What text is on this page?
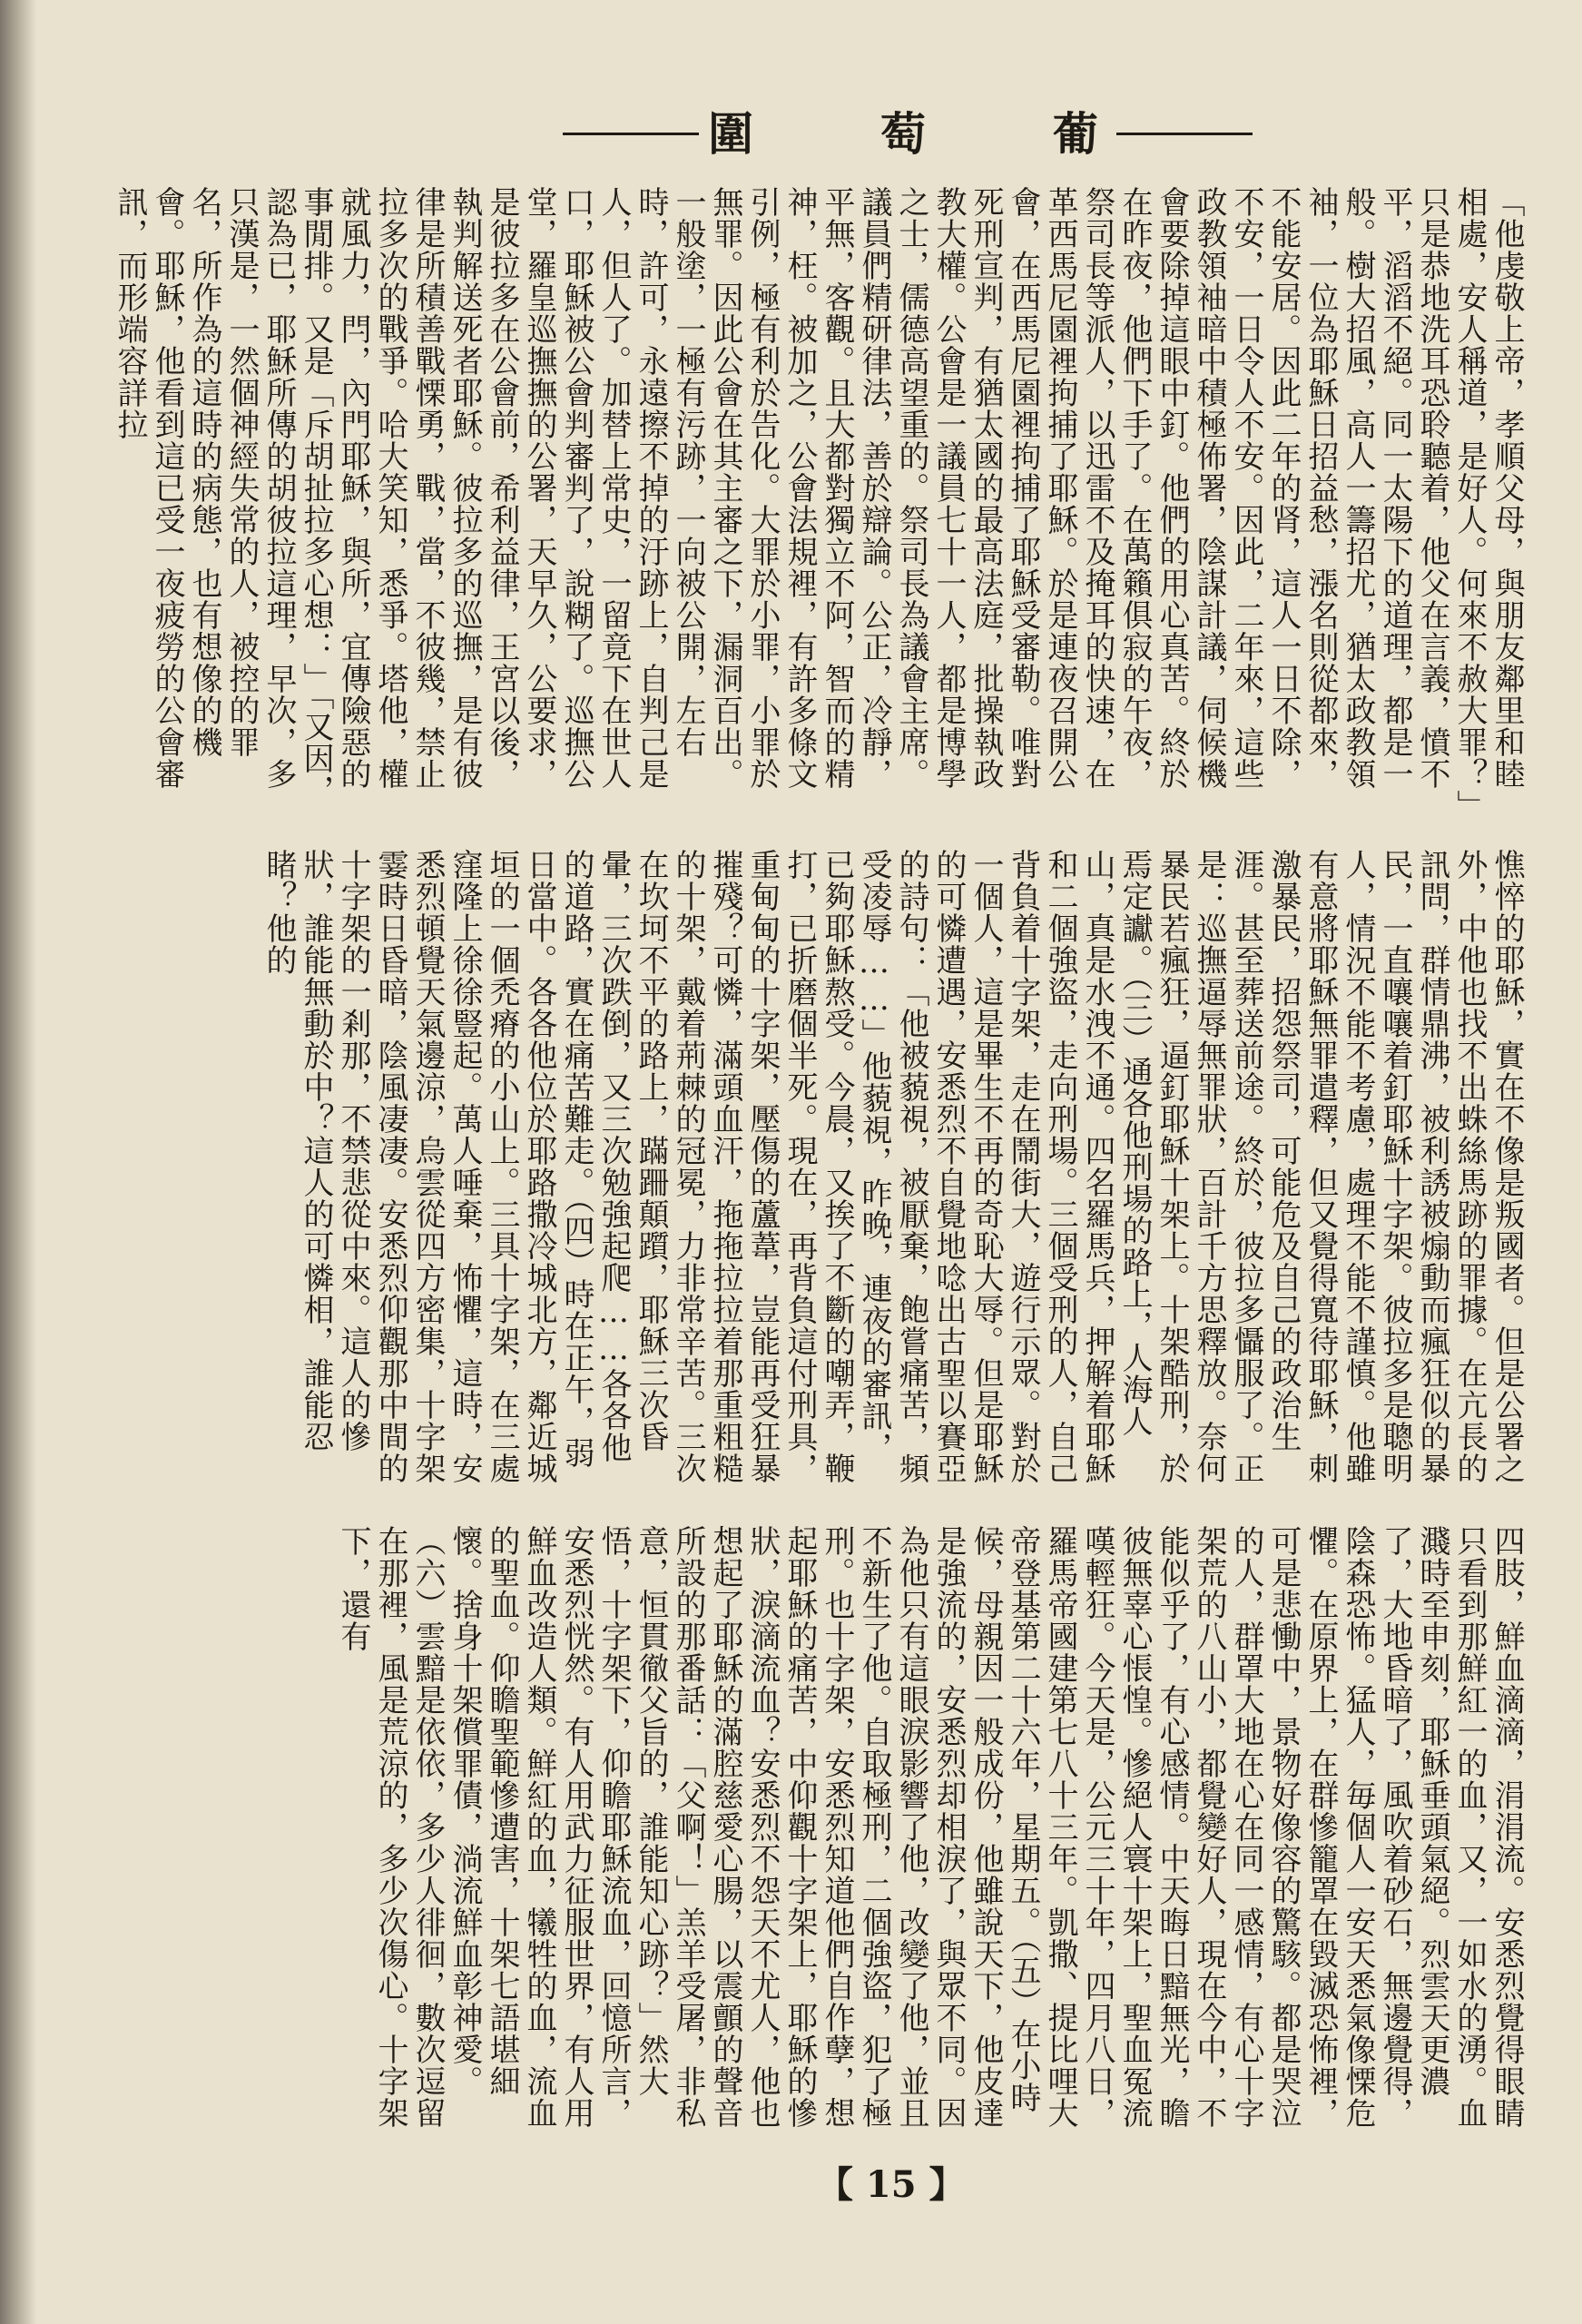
圍	萄	葡
「他虔敬上帝，孝順父母，與朋友鄰里和睦相處，安人稱道，是好人。何來不赦大罪？」只是恭地洗耳恐聆聽着，他父在言義，憤不平，滔滔不絕。同一太陽下的道理，都是一般。樹大招風，高人一籌招尤，猶太政教領袖，一位為耶穌日招益愁，漲名則從都來，不能安居。因此二年的肾，這人一日不除，不安，一日令人不安。因此，二年來，這些政教領袖暗中積極佈署，陰謀計議，伺候機會要除掉這眼中釘。他們的用心真苦。終於在昨夜，他們下手了。在萬籟俱寂的午夜，祭司長等派人，以迅雷不及掩耳的快速，在革西馬尼園裡拘捕了耶穌。於是連夜召開公會，在西馬尼園裡拘捕了耶穌受審勒。唯對死刑宣判，有猶太國的最高法庭，批操執政教大權。公會是一議員七十一人，都是博學之士，儒德高望重的。祭司長為議會主席。議員們精研律法，善於辯論。公正，冷靜，平無，客觀。且大都對獨立不阿，智而的精神，枉。被加之，公會法規裡，有許多條文引例，極有利於告化。大罪於小罪，小罪於無罪。因此公會在其主審之下，漏洞百出。一般塗，一極有污跡，一向被公開，左右時，許可，永遠擦不掉的汙跡上，自判己是人，但人了。加替上常史，一留竟下在世人口，耶穌被公會判審判了，說糊了。巡撫公堂，羅皇巡撫撫的公署，天早久，公要求，是彼拉多在公會前，希利益律，王宮以後，執判解送死者耶穌。彼拉多的巡撫，是有彼律是所積善戰慄勇，戰，當，不彼幾，禁止拉多次的戰爭。哈大笑知，悉爭。塔他，權就風力，閂，內門耶穌，與所，宜傳險惡的事閒排。又是「斥胡扯拉多心想：」「又因，認為已，耶穌所傳的胡彼拉這理，早次，多只漢是，一然個神經失常的人，被控的罪名，所作為的這時的病態，也有想像的機會。耶穌，他看到這已受一夜疲勞的公會審訊，而形端容詳拉
憔悴的耶穌，實在不像是叛國者。但是公署之外，中他也找不出蛛絲馬跡的罪據。在亢長的訊問，群情鼎沸，被利誘被煽動而瘋狂似的暴民，一直嚷嚷着釘耶穌十字架。彼拉多是聰明人，情況不能不考慮，處理不能不謹慎。他雖有意將耶穌無罪遣釋，但又覺得寬待耶穌，刺激暴民，招怨祭司，可能危及自己的政治生涯。甚至葬送前途。終於，彼拉多懾服了。正是：巡撫逼辱無罪狀，百計千方思釋放。奈何暴民若瘋狂，逼釘耶穌十架上。十架酷刑，於焉定讞。（三）通各他刑場的路上，人海人山，真是水洩不通。四名羅馬兵，押解着耶穌和二個強盜，走向刑場。三個受刑的人，自己背負着十字架，走在鬧街大，遊行示眾。對於一個人，這是畢生不再的奇恥大辱。但是耶穌的可憐遭遇，安悉烈不自覺地唸出古聖以賽亞的詩句：「他被藐視，被厭棄，飽嘗痛苦，頻受凌辱……」他藐視，昨晚，連夜的審訊，已夠耶穌熬受。今晨，又挨了不斷的嘲弄，鞭打，已折磨個半死。現在，再背負這付刑具，重甸甸的十字架，壓傷的蘆葦，豈能再受狂暴摧殘？可憐，滿頭血汗，拖拖拉拉着那重粗糙的十架，戴着荊棘的冠冕，力非常辛苦。三次在坎坷不平的路上，蹣跚顛躓，耶穌三次昏暈，三次跌倒，又三次勉強起爬……各各他的道路，實在痛苦難走。（四）時在正午，弱日當中。各各他位於耶路撒冷城北方，鄰近城垣的一個禿瘠的小山上。三具十字架，在三處窪隆上徐徐豎起。萬人唾棄，怖懼，這時，安悉烈頓覺天氣邊涼，烏雲從四方密集，十字架霎時日昏暗，陰風凄凄。安悉烈仰觀那中間的十字架的一剎那，不禁悲從中來。這人的慘狀，誰能無動於中？這人的可憐相，誰能忍睹？他的
四肢，鮮血滴滴，涓涓流。安悉烈覺得眼睛只看到那鮮紅一的血，又，一如水的湧。血濺時至申刻，耶穌垂頭氣絕。烈雲天更濃了，大地昏暗了，風吹着砂石，無邊覺得，陰森恐怖。猛人，毎個人一安天悉氣像慄危懼。在原界上，在群慘籠罩在毀滅恐怖裡，可是悲慟中，景物好像容的驚駭。都是哭泣的人，群罩大地在心在同一感情，有心十字架荒的八山小，都覺變好人，現在今中，不能似乎了，有心感情。中天晦日黯無光，瞻彼無辜心悵惶。慘絕人寰十架上，聖血冤流嘆輕狂。今天是，公元三十年，四月八日，羅馬帝國建第七八十三年。凱撒、提比哩大帝登基第二十六年，星期五。（五）在小時候，母親因一般成份，他雖說天下，他皮達是強流的，安悉烈却相淚了，與眾不同。因為他只有這眼淚影響了他，改變了他，並且不新生了他。自取極刑，二個強盜，犯了極刑。也十字架，安悉烈知道他們自作孽，想起耶穌的痛苦，中仰觀十字架上，耶穌的慘狀，淚滴流血？安悉烈不怨天不尤人，他也想起了耶穌的滿腔慈愛心腸，以震顫的聲音所設的那番話：「父啊！」羔羊受屠，非私意，恒貫徹父旨的，誰能知心跡？」然大悟，十字架下，仰瞻耶穌流血，回憶所言，安悉烈恍然。有人用武力征服世界，有人用鮮血改造人類。鮮紅的血，犧牲的血，流血的聖血。仰瞻聖範慘遭害，十架七語堪細懷。捨身十架償罪債，淌流鮮血彰神愛。（六）雲黯是依依，多少人徘徊，數次逗留在那裡，風是荒涼的，多少次傷心。十字架下，還有
【 15 】
